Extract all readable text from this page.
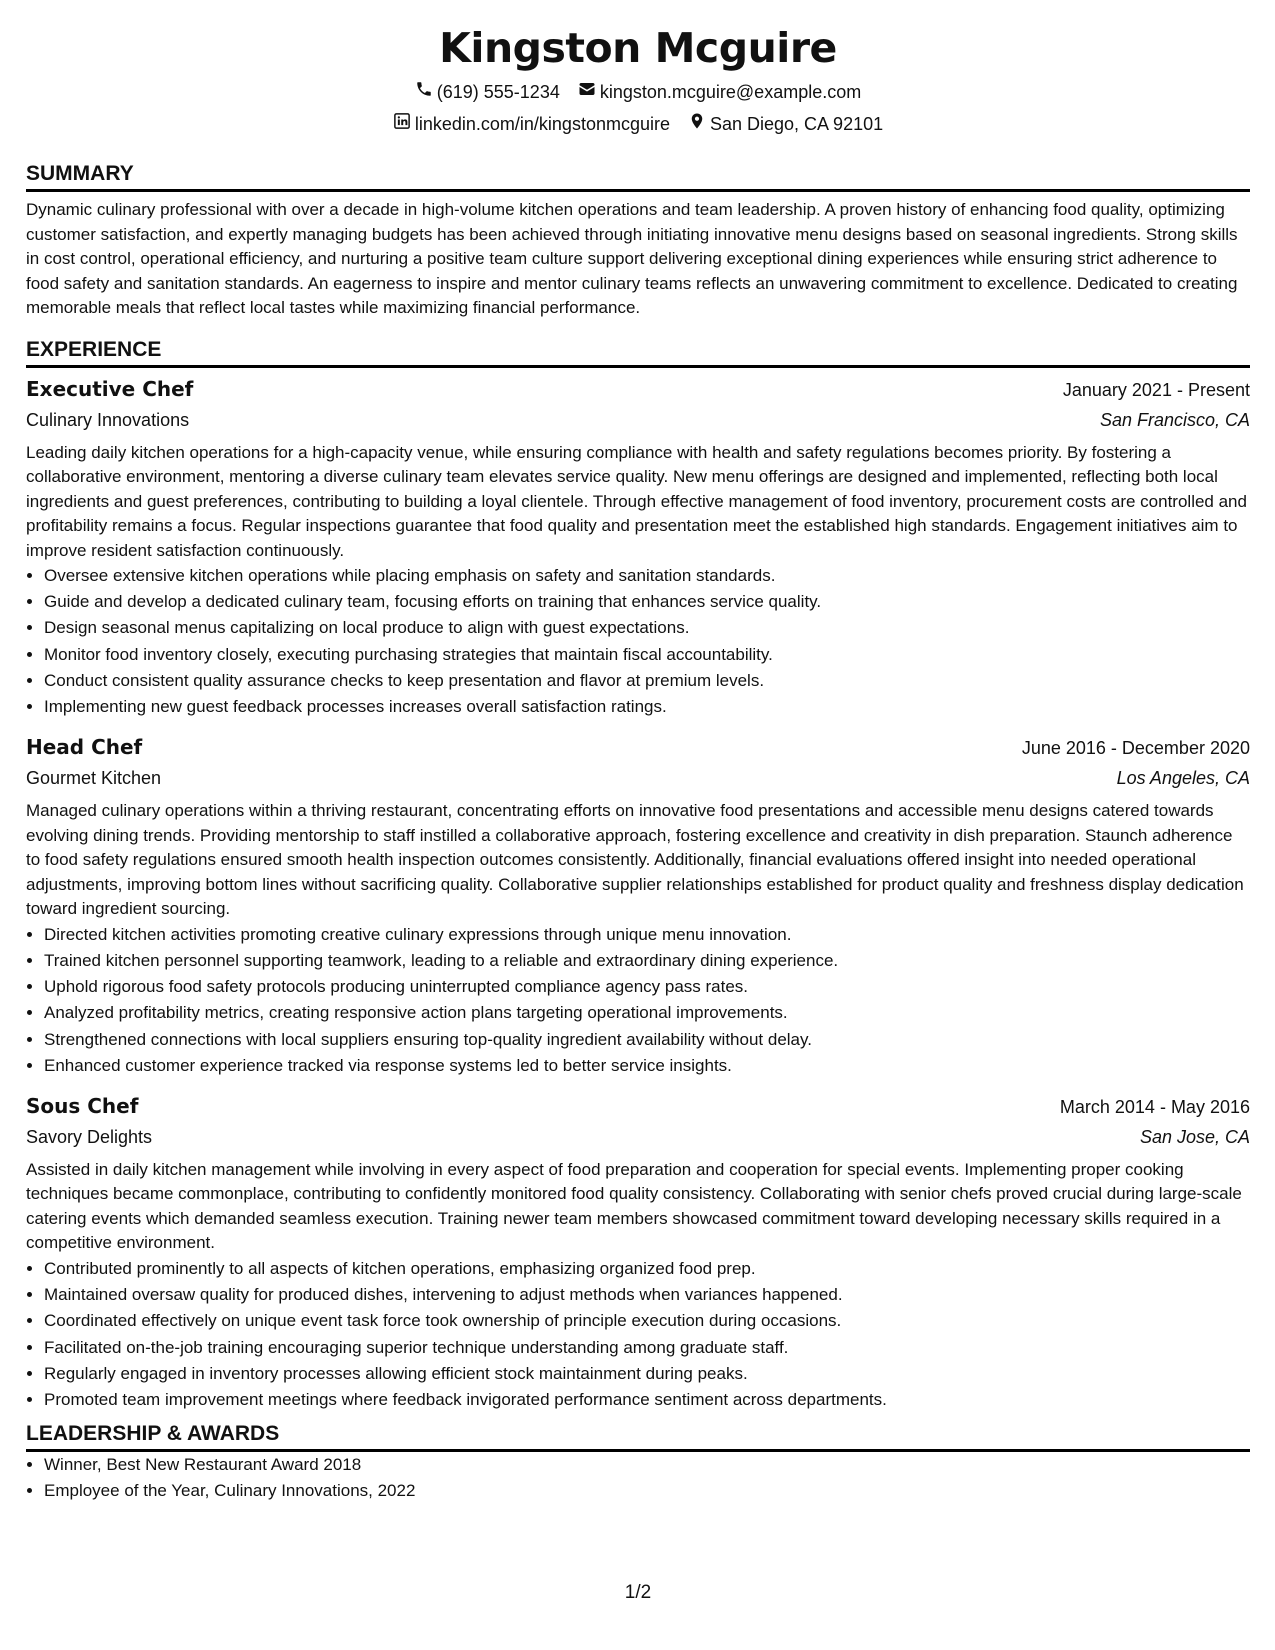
Kingston Mcguire
(619) 555-1234 kingston.mcguire@example.com
linkedin.com/in/kingstonmcguire San Diego, CA 92101
SUMMARY
Dynamic culinary professional with over a decade in high-volume kitchen operations and team leadership. A proven history of enhancing food quality, optimizing customer satisfaction, and expertly managing budgets has been achieved through initiating innovative menu designs based on seasonal ingredients. Strong skills in cost control, operational efficiency, and nurturing a positive team culture support delivering exceptional dining experiences while ensuring strict adherence to food safety and sanitation standards. An eagerness to inspire and mentor culinary teams reflects an unwavering commitment to excellence. Dedicated to creating memorable meals that reflect local tastes while maximizing financial performance.
EXPERIENCE
Executive Chef	January 2021 - Present
Culinary Innovations	San Francisco, CA
Leading daily kitchen operations for a high-capacity venue, while ensuring compliance with health and safety regulations becomes priority. By fostering a collaborative environment, mentoring a diverse culinary team elevates service quality. New menu offerings are designed and implemented, reflecting both local ingredients and guest preferences, contributing to building a loyal clientele. Through effective management of food inventory, procurement costs are controlled and profitability remains a focus. Regular inspections guarantee that food quality and presentation meet the established high standards. Engagement initiatives aim to improve resident satisfaction continuously.
• Oversee extensive kitchen operations while placing emphasis on safety and sanitation standards.
• Guide and develop a dedicated culinary team, focusing efforts on training that enhances service quality.
• Design seasonal menus capitalizing on local produce to align with guest expectations.
• Monitor food inventory closely, executing purchasing strategies that maintain fiscal accountability.
• Conduct consistent quality assurance checks to keep presentation and flavor at premium levels.
• Implementing new guest feedback processes increases overall satisfaction ratings.
Head Chef	June 2016 - December 2020
Gourmet Kitchen	Los Angeles, CA
Managed culinary operations within a thriving restaurant, concentrating efforts on innovative food presentations and accessible menu designs catered towards evolving dining trends. Providing mentorship to staff instilled a collaborative approach, fostering excellence and creativity in dish preparation. Staunch adherence to food safety regulations ensured smooth health inspection outcomes consistently. Additionally, financial evaluations offered insight into needed operational adjustments, improving bottom lines without sacrificing quality. Collaborative supplier relationships established for product quality and freshness display dedication toward ingredient sourcing.
• Directed kitchen activities promoting creative culinary expressions through unique menu innovation.
• Trained kitchen personnel supporting teamwork, leading to a reliable and extraordinary dining experience.
• Uphold rigorous food safety protocols producing uninterrupted compliance agency pass rates.
• Analyzed profitability metrics, creating responsive action plans targeting operational improvements.
• Strengthened connections with local suppliers ensuring top-quality ingredient availability without delay.
• Enhanced customer experience tracked via response systems led to better service insights.
Sous Chef	March 2014 - May 2016
Savory Delights	San Jose, CA
Assisted in daily kitchen management while involving in every aspect of food preparation and cooperation for special events. Implementing proper cooking techniques became commonplace, contributing to confidently monitored food quality consistency. Collaborating with senior chefs proved crucial during large-scale catering events which demanded seamless execution. Training newer team members showcased commitment toward developing necessary skills required in a competitive environment.
• Contributed prominently to all aspects of kitchen operations, emphasizing organized food prep.
• Maintained oversaw quality for produced dishes, intervening to adjust methods when variances happened.
• Coordinated effectively on unique event task force took ownership of principle execution during occasions.
• Facilitated on-the-job training encouraging superior technique understanding among graduate staff.
• Regularly engaged in inventory processes allowing efficient stock maintainment during peaks.
• Promoted team improvement meetings where feedback invigorated performance sentiment across departments.
LEADERSHIP & AWARDS
• Winner, Best New Restaurant Award 2018
• Employee of the Year, Culinary Innovations, 2022
1/2
